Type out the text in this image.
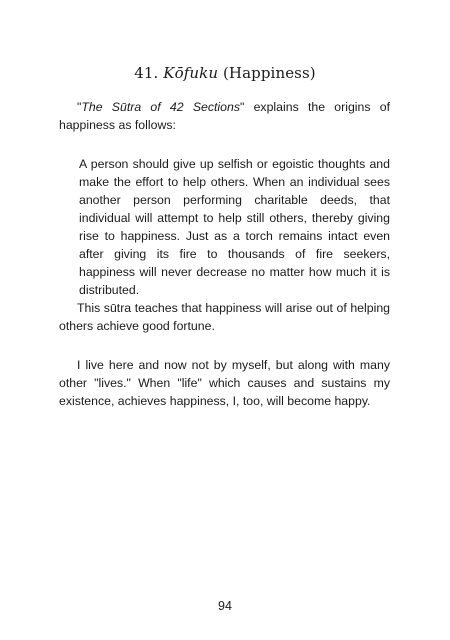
41. Kōfuku (Happiness)

"The Sūtra of 42 Sections" explains the origins of happiness as follows:

A person should give up selfish or egoistic thoughts and make the effort to help others. When an individual sees another person performing charitable deeds, that individual will attempt to help still others, thereby giving rise to happiness. Just as a torch remains intact even after giving its fire to thousands of fire seekers, happiness will never decrease no matter how much it is distributed.

This sūtra teaches that happiness will arise out of helping others achieve good fortune.

I live here and now not by myself, but along with many other "lives." When "life" which causes and sustains my existence, achieves happiness, I, too, will become happy.

94
